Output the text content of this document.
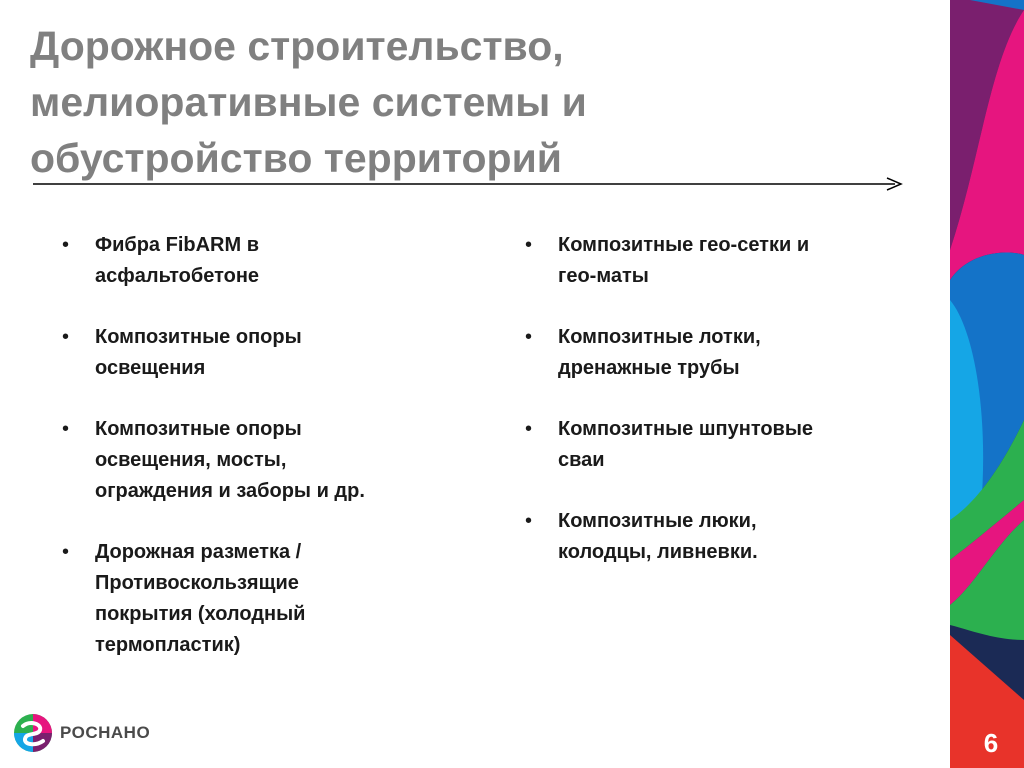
Дорожное строительство,
мелиоративные системы и
обустройство территорий
• Фибра FibARM в
асфальтобетоне
• Композитные опоры
освещения
• Композитные опоры
освещения, мосты,
ограждения и заборы и др.
• Дорожная разметка /
Противоскользящие
покрытия (холодный
термопластик)
• Композитные гео-сетки и
гео-маты
• Композитные лотки,
дренажные трубы
• Композитные шпунтовые
сваи
• Композитные люки,
колодцы, ливневки.
РОСНАНО	6
